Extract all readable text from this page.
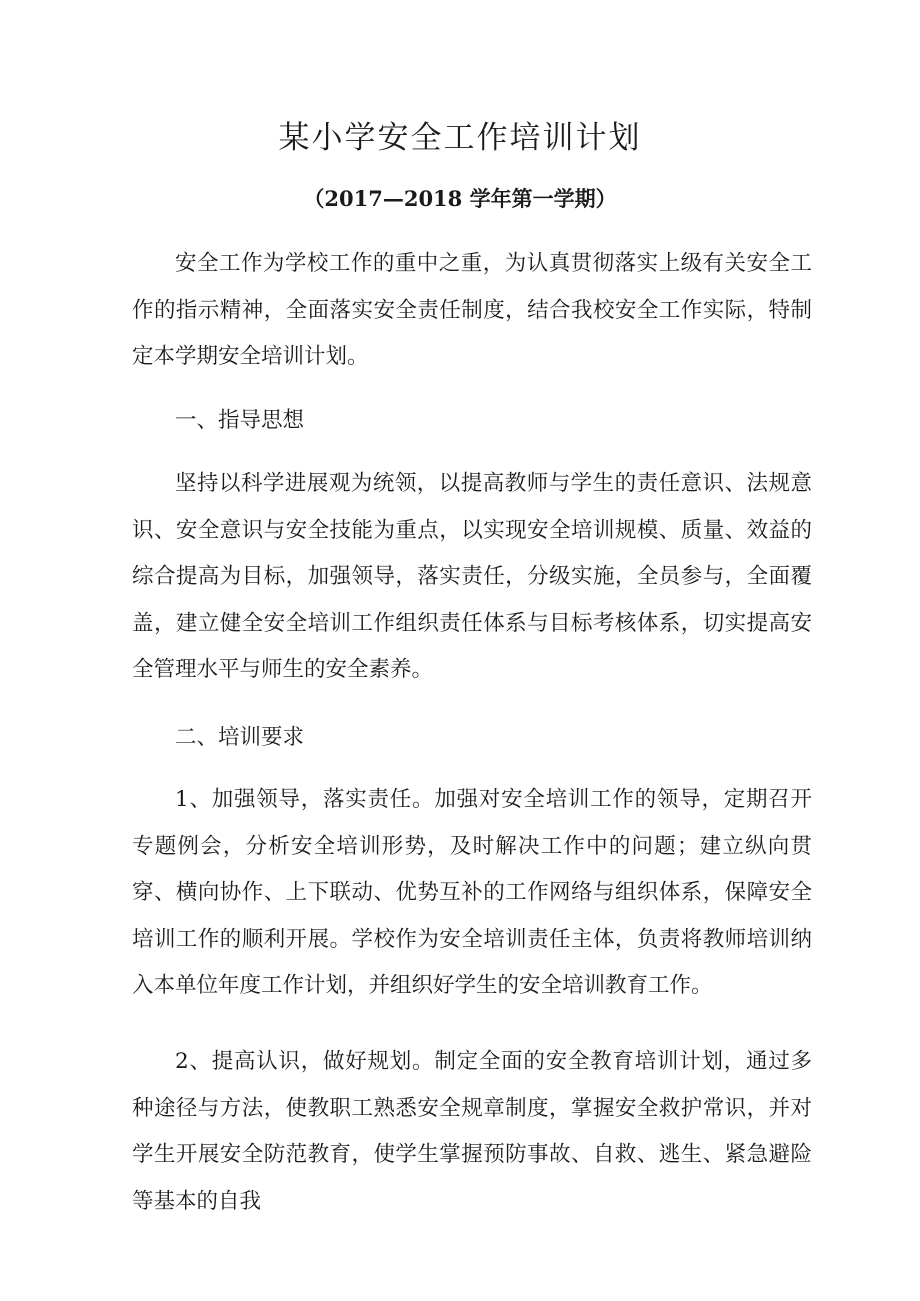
某小学安全工作培训计划
（2017—2018 学年第一学期）

安全工作为学校工作的重中之重，为认真贯彻落实上级有关安全工作的指示精神，全面落实安全责任制度，结合我校安全工作实际，特制定本学期安全培训计划。

一、指导思想

坚持以科学进展观为统领，以提高教师与学生的责任意识、法规意识、安全意识与安全技能为重点，以实现安全培训规模、质量、效益的综合提高为目标，加强领导，落实责任，分级实施，全员参与，全面覆盖，建立健全安全培训工作组织责任体系与目标考核体系，切实提高安全管理水平与师生的安全素养。

二、培训要求

1、加强领导，落实责任。加强对安全培训工作的领导，定期召开专题例会，分析安全培训形势，及时解决工作中的问题；建立纵向贯穿、横向协作、上下联动、优势互补的工作网络与组织体系，保障安全培训工作的顺利开展。学校作为安全培训责任主体，负责将教师培训纳入本单位年度工作计划，并组织好学生的安全培训教育工作。

2、提高认识，做好规划。制定全面的安全教育培训计划，通过多种途径与方法，使教职工熟悉安全规章制度，掌握安全救护常识，并对学生开展安全防范教育，使学生掌握预防事故、自救、逃生、紧急避险等基本的自我
